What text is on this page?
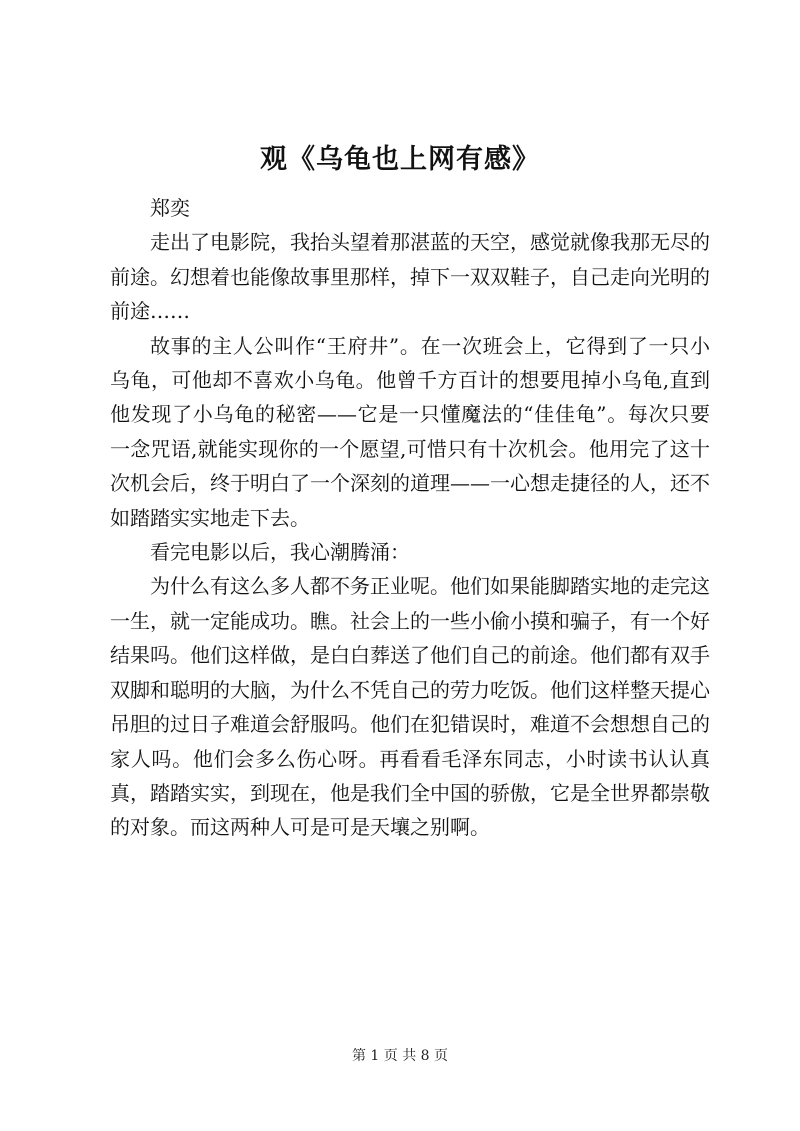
观《乌龟也上网有感》

郑奕

走出了电影院，我抬头望着那湛蓝的天空，感觉就像我那无尽的前途。幻想着也能像故事里那样，掉下一双双鞋子，自己走向光明的前途……

故事的主人公叫作“王府井”。在一次班会上，它得到了一只小乌龟，可他却不喜欢小乌龟。他曾千方百计的想要甩掉小乌龟,直到他发现了小乌龟的秘密——它是一只懂魔法的“佳佳龟”。每次只要一念咒语,就能实现你的一个愿望,可惜只有十次机会。他用完了这十次机会后，终于明白了一个深刻的道理——一心想走捷径的人，还不如踏踏实实地走下去。

看完电影以后，我心潮腾涌：

为什么有这么多人都不务正业呢。他们如果能脚踏实地的走完这一生，就一定能成功。瞧。社会上的一些小偷小摸和骗子，有一个好结果吗。他们这样做，是白白葬送了他们自己的前途。他们都有双手双脚和聪明的大脑，为什么不凭自己的劳力吃饭。他们这样整天提心吊胆的过日子难道会舒服吗。他们在犯错误时，难道不会想想自己的家人吗。他们会多么伤心呀。再看看毛泽东同志，小时读书认认真真，踏踏实实，到现在，他是我们全中国的骄傲，它是全世界都崇敬的对象。而这两种人可是可是天壤之别啊。

第 1 页 共 8 页
